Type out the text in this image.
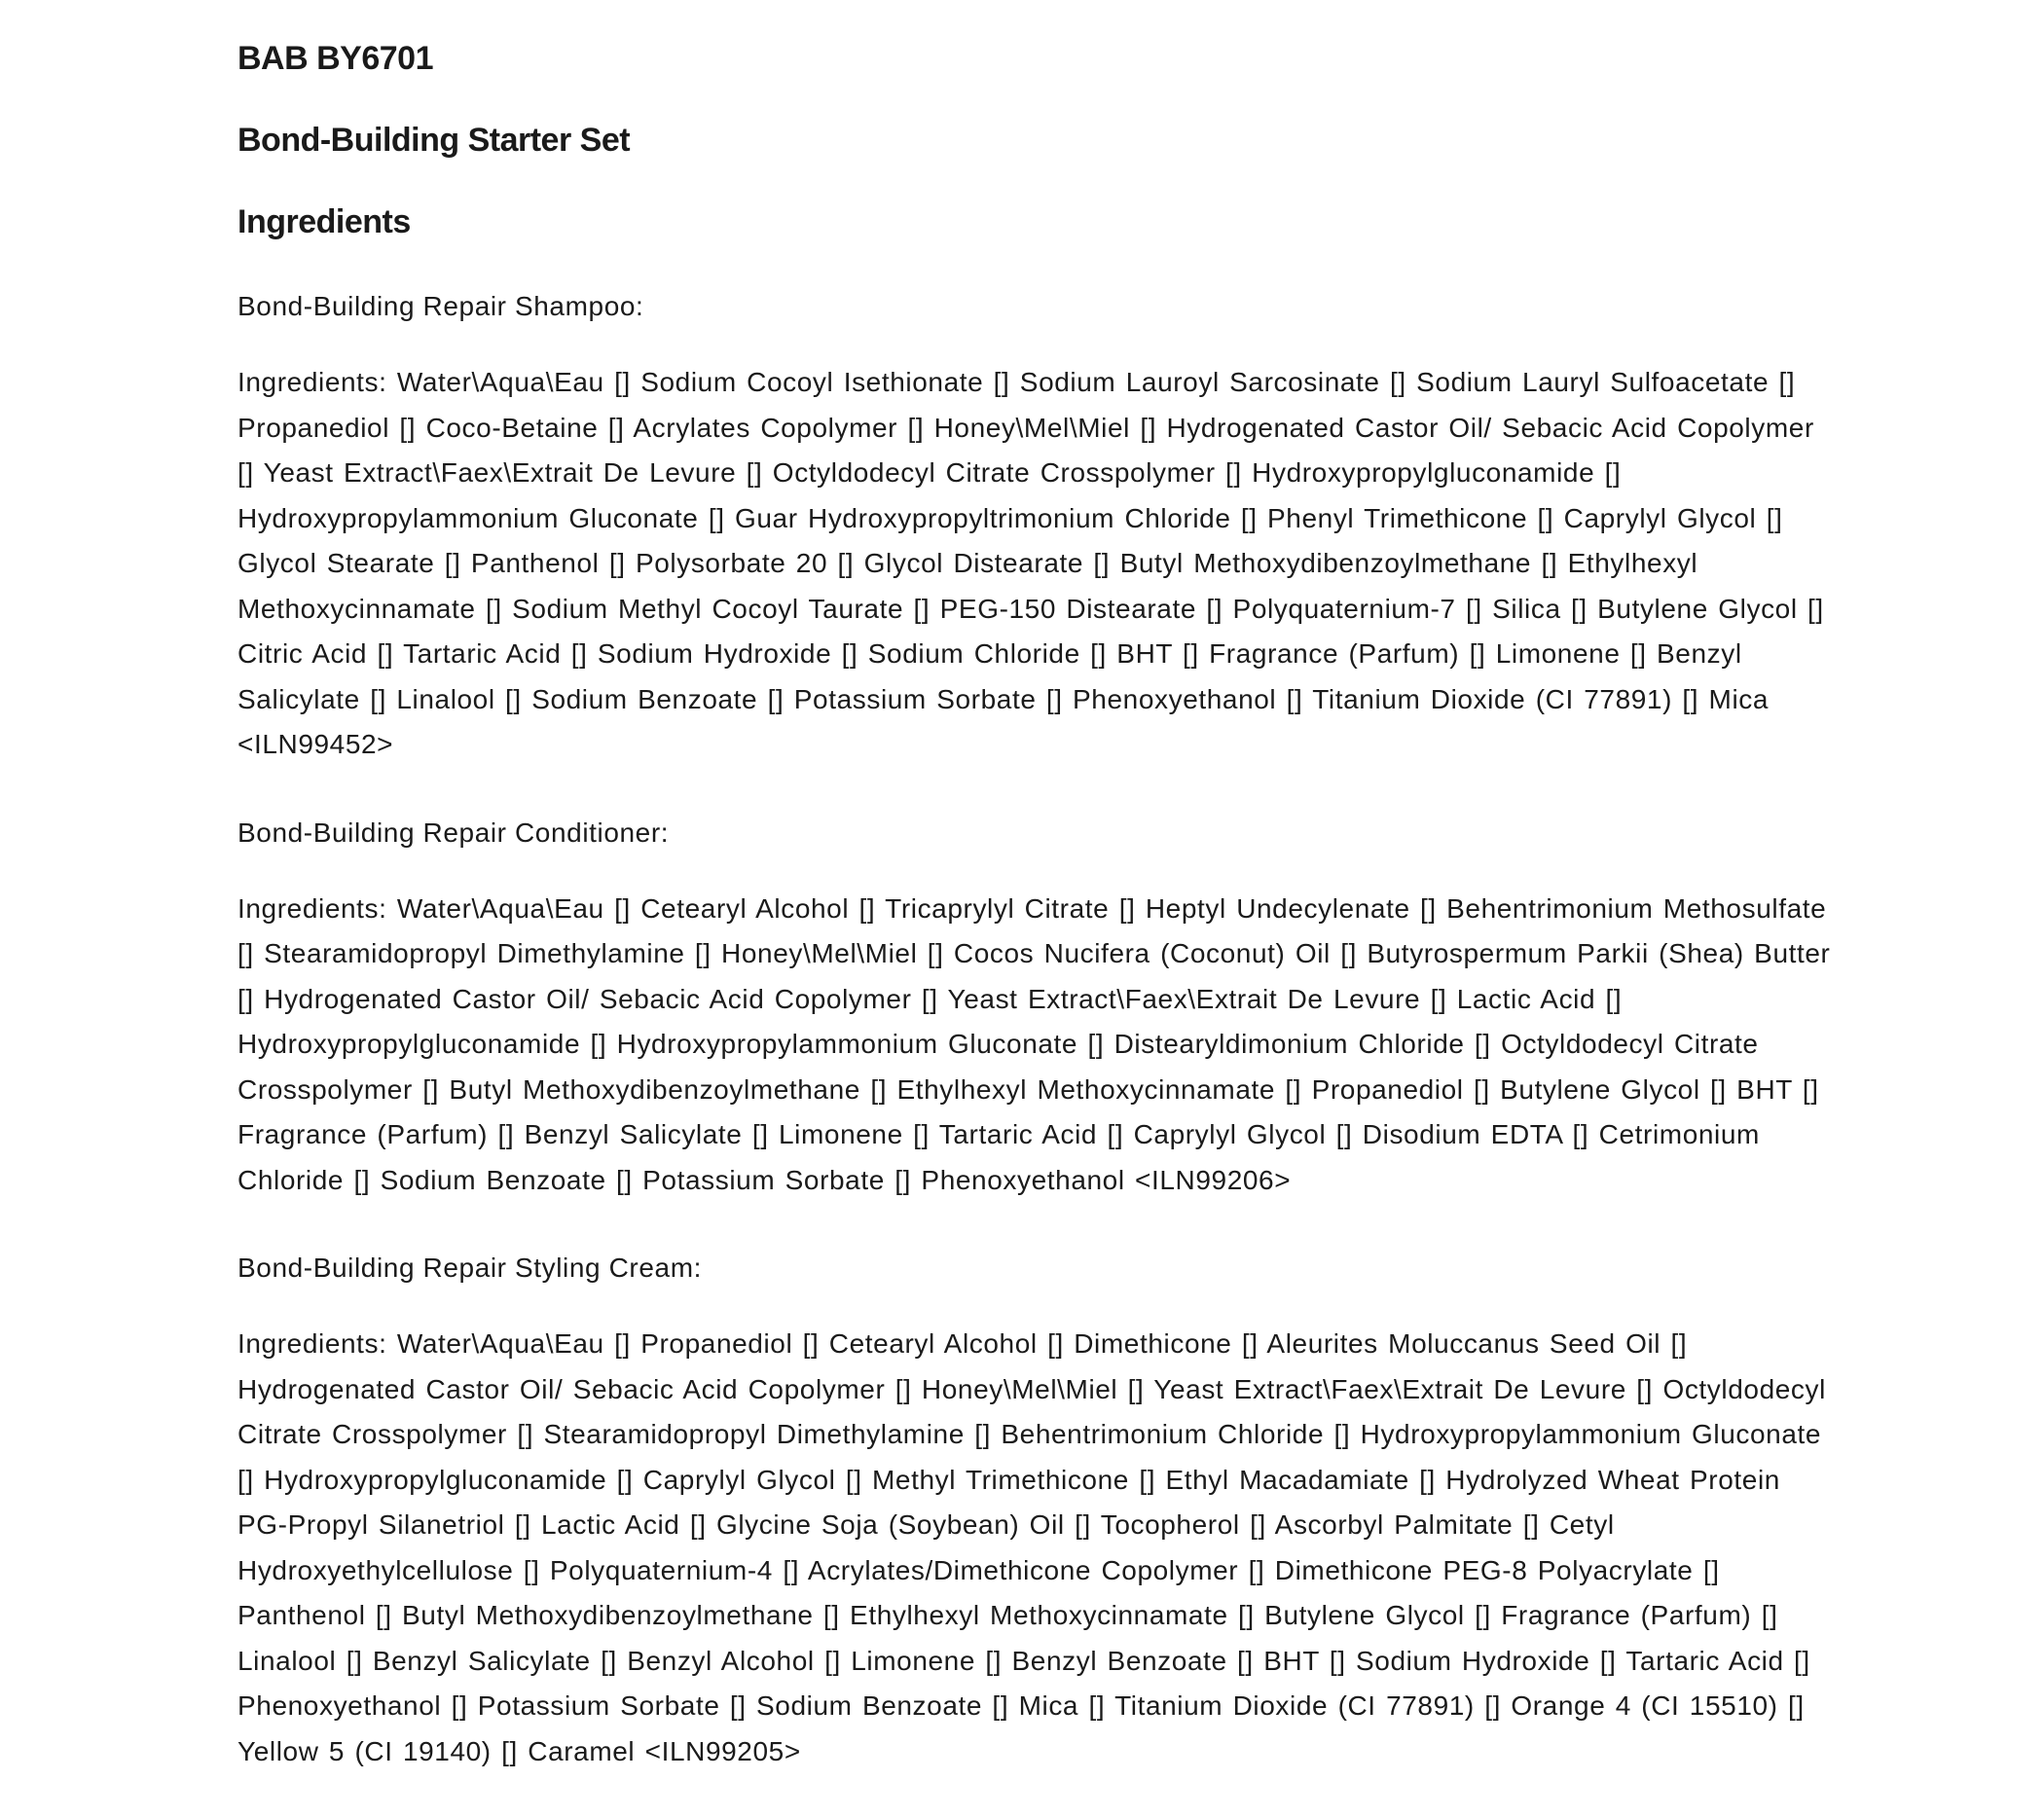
BAB BY6701
Bond-Building Starter Set
Ingredients

Bond-Building Repair Shampoo:

Ingredients: Water\Aqua\Eau [] Sodium Cocoyl Isethionate [] Sodium Lauroyl Sarcosinate [] Sodium Lauryl Sulfoacetate [] Propanediol [] Coco-Betaine [] Acrylates Copolymer [] Honey\Mel\Miel [] Hydrogenated Castor Oil/ Sebacic Acid Copolymer [] Yeast Extract\Faex\Extrait De Levure [] Octyldodecyl Citrate Crosspolymer [] Hydroxypropylgluconamide [] Hydroxypropylammonium Gluconate [] Guar Hydroxypropyltrimonium Chloride [] Phenyl Trimethicone [] Caprylyl Glycol [] Glycol Stearate [] Panthenol [] Polysorbate 20 [] Glycol Distearate [] Butyl Methoxydibenzoylmethane [] Ethylhexyl Methoxycinnamate [] Sodium Methyl Cocoyl Taurate [] PEG-150 Distearate [] Polyquaternium-7 [] Silica [] Butylene Glycol [] Citric Acid [] Tartaric Acid [] Sodium Hydroxide [] Sodium Chloride [] BHT [] Fragrance (Parfum) [] Limonene [] Benzyl Salicylate [] Linalool [] Sodium Benzoate [] Potassium Sorbate [] Phenoxyethanol [] Titanium Dioxide (CI 77891) [] Mica <ILN99452>

Bond-Building Repair Conditioner:

Ingredients: Water\Aqua\Eau [] Cetearyl Alcohol [] Tricaprylyl Citrate [] Heptyl Undecylenate [] Behentrimonium Methosulfate [] Stearamidopropyl Dimethylamine [] Honey\Mel\Miel [] Cocos Nucifera (Coconut) Oil [] Butyrospermum Parkii (Shea) Butter [] Hydrogenated Castor Oil/ Sebacic Acid Copolymer [] Yeast Extract\Faex\Extrait De Levure [] Lactic Acid [] Hydroxypropylgluconamide [] Hydroxypropylammonium Gluconate [] Distearyldimonium Chloride [] Octyldodecyl Citrate Crosspolymer [] Butyl Methoxydibenzoylmethane [] Ethylhexyl Methoxycinnamate [] Propanediol [] Butylene Glycol [] BHT [] Fragrance (Parfum) [] Benzyl Salicylate [] Limonene [] Tartaric Acid [] Caprylyl Glycol [] Disodium EDTA [] Cetrimonium Chloride [] Sodium Benzoate [] Potassium Sorbate [] Phenoxyethanol <ILN99206>

Bond-Building Repair Styling Cream:

Ingredients: Water\Aqua\Eau [] Propanediol [] Cetearyl Alcohol [] Dimethicone [] Aleurites Moluccanus Seed Oil [] Hydrogenated Castor Oil/ Sebacic Acid Copolymer [] Honey\Mel\Miel [] Yeast Extract\Faex\Extrait De Levure [] Octyldodecyl Citrate Crosspolymer [] Stearamidopropyl Dimethylamine [] Behentrimonium Chloride [] Hydroxypropylammonium Gluconate [] Hydroxypropylgluconamide [] Caprylyl Glycol [] Methyl Trimethicone [] Ethyl Macadamiate [] Hydrolyzed Wheat Protein PG-Propyl Silanetriol [] Lactic Acid [] Glycine Soja (Soybean) Oil [] Tocopherol [] Ascorbyl Palmitate [] Cetyl Hydroxyethylcellulose [] Polyquaternium-4 [] Acrylates/Dimethicone Copolymer [] Dimethicone PEG-8 Polyacrylate [] Panthenol [] Butyl Methoxydibenzoylmethane [] Ethylhexyl Methoxycinnamate [] Butylene Glycol [] Fragrance (Parfum) [] Linalool [] Benzyl Salicylate [] Benzyl Alcohol [] Limonene [] Benzyl Benzoate [] BHT [] Sodium Hydroxide [] Tartaric Acid [] Phenoxyethanol [] Potassium Sorbate [] Sodium Benzoate [] Mica [] Titanium Dioxide (CI 77891) [] Orange 4 (CI 15510) [] Yellow 5 (CI 19140) [] Caramel <ILN99205>
